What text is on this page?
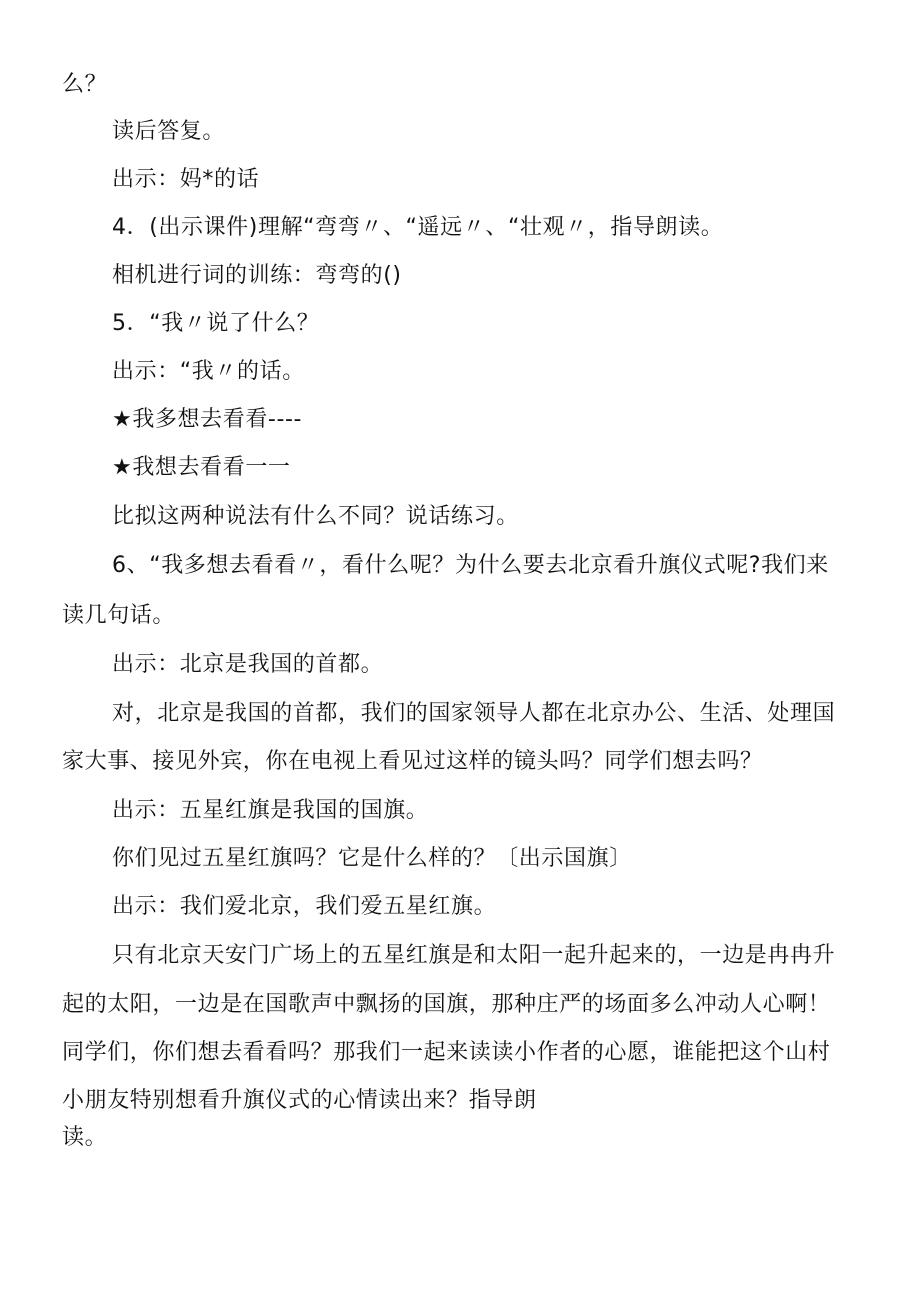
么？

读后答复。

出示：妈*的话

4．(出示课件)理解“弯弯〃、“遥远〃、“壮观〃，指导朗读。

相机进行词的训练：弯弯的()

5．“我〃说了什么？

出示：“我〃的话。

★我多想去看看----

★我想去看看一一

比拟这两种说法有什么不同？说话练习。

6、“我多想去看看〃，看什么呢？为什么要去北京看升旗仪式呢?我们来

读几句话。

出示：北京是我国的首都。

对，北京是我国的首都，我们的国家领导人都在北京办公、生活、处理国

家大事、接见外宾，你在电视上看见过这样的镜头吗？同学们想去吗？

出示：五星红旗是我国的国旗。

你们见过五星红旗吗？它是什么样的？〔出示国旗〕

出示：我们爱北京，我们爱五星红旗。

只有北京天安门广场上的五星红旗是和太阳一起升起来的，一边是冉冉升

起的太阳，一边是在国歌声中飘扬的国旗，那种庄严的场面多么冲动人心啊！

同学们，你们想去看看吗？那我们一起来读读小作者的心愿，谁能把这个山村

小朋友特别想看升旗仪式的心情读出来？指导朗

读。
